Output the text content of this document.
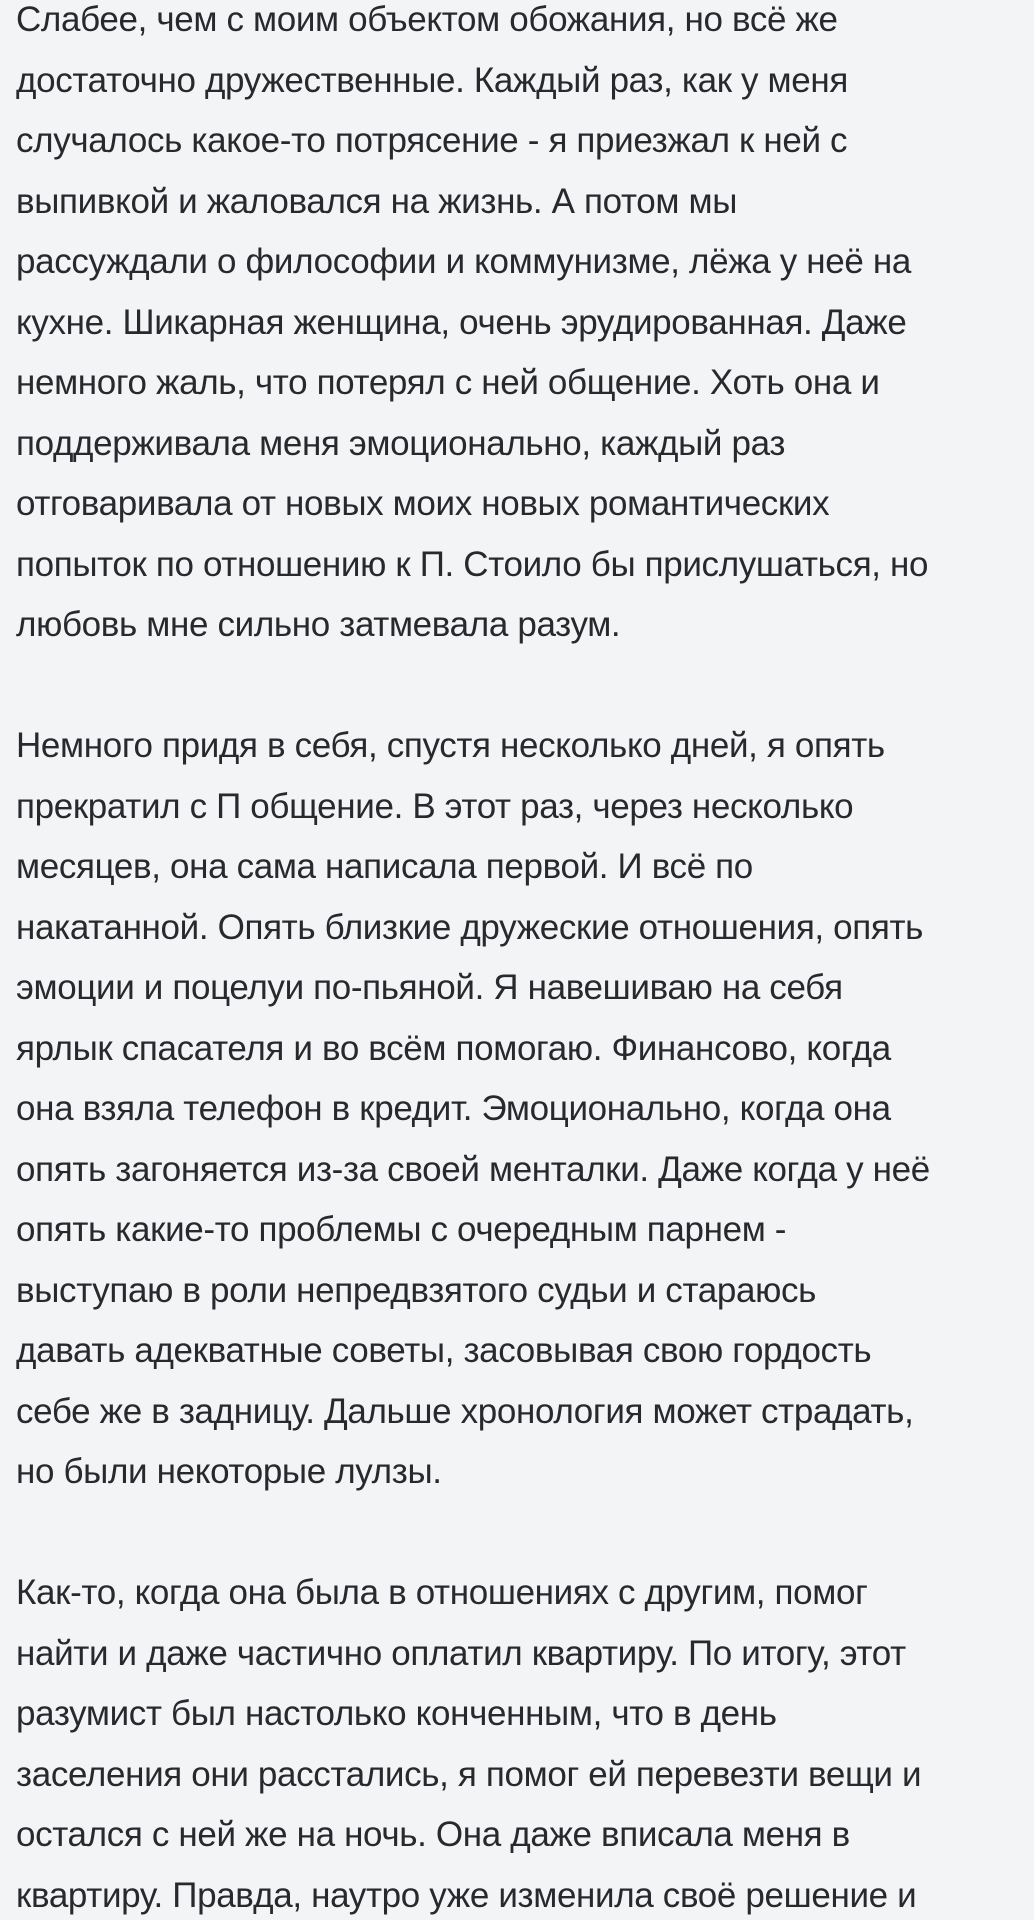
Слабее, чем с моим объектом обожания, но всё же
достаточно дружественные. Каждый раз, как у меня
случалось какое-то потрясение - я приезжал к ней с
выпивкой и жаловался на жизнь. А потом мы
рассуждали о философии и коммунизме, лёжа у неё на
кухне. Шикарная женщина, очень эрудированная. Даже
немного жаль, что потерял с ней общение. Хоть она и
поддерживала меня эмоционально, каждый раз
отговаривала от новых моих новых романтических
попыток по отношению к П. Стоило бы прислушаться, но
любовь мне сильно затмевала разум.
Немного придя в себя, спустя несколько дней, я опять
прекратил с П общение. В этот раз, через несколько
месяцев, она сама написала первой. И всё по
накатанной. Опять близкие дружеские отношения, опять
эмоции и поцелуи по-пьяной. Я навешиваю на себя
ярлык спасателя и во всём помогаю. Финансово, когда
она взяла телефон в кредит. Эмоционально, когда она
опять загоняется из-за своей менталки. Даже когда у неё
опять какие-то проблемы с очередным парнем -
выступаю в роли непредвзятого судьи и стараюсь
давать адекватные советы, засовывая свою гордость
себе же в задницу. Дальше хронология может страдать,
но были некоторые лулзы.
Как-то, когда она была в отношениях с другим, помог
найти и даже частично оплатил квартиру. По итогу, этот
разумист был настолько конченным, что в день
заселения они расстались, я помог ей перевезти вещи и
остался с ней же на ночь. Она даже вписала меня в
квартиру. Правда, наутро уже изменила своё решение и
